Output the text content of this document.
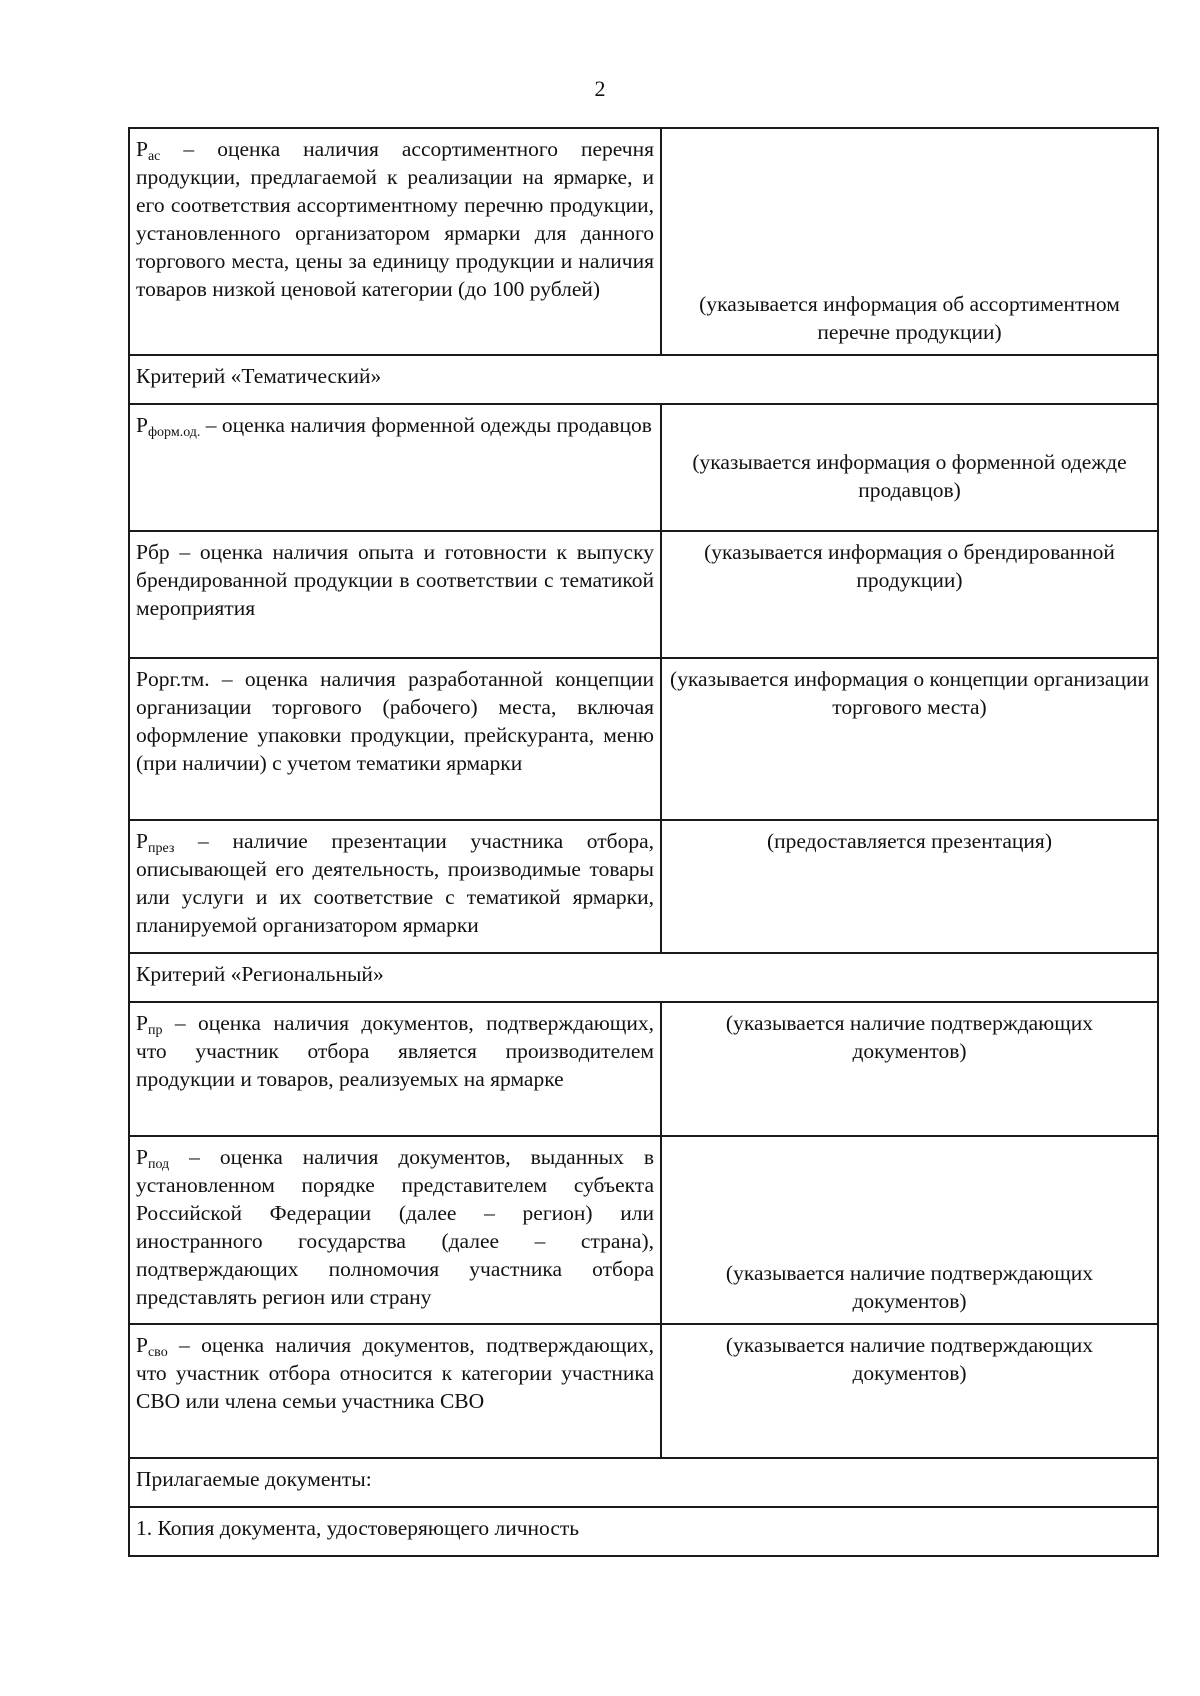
2
$P_{ас}$ – оценка наличия ассортиментного перечня продукции, предлагаемой к реализации на ярмарке, и его соответствия ассортиментному перечню продукции, установленного организатором ярмарки для данного торгового места, цены за единицу продукции и наличия товаров низкой ценовой категории (до 100 рублей)	(указывается информация об ассортиментном перечне продукции)
Критерий «Тематический»	
$P_{форм.од.}$ – оценка наличия форменной одежды продавцов	(указывается информация о форменной одежде продавцов)
Рбр – оценка наличия опыта и готовности к выпуску брендированной продукции в соответствии с тематикой мероприятия	(указывается информация о брендированной продукции)
Popг.тм. – оценка наличия разработанной концепции организации торгового (рабочего) места, включая оформление упаковки продукции, прейскуранта, меню (при наличии) с учетом тематики ярмарки	(указывается информация о концепции организации торгового места)
$P_{през}$ – наличие презентации участника отбора, описывающей его деятельность, производимые товары или услуги и их соответствие с тематикой ярмарки, планируемой организатором ярмарки	(предоставляется презентация)
Критерий «Региональный»	
$P_{пр}$ – оценка наличия документов, подтверждающих, что участник отбора является производителем продукции и товаров, реализуемых на ярмарке	(указывается наличие подтверждающих документов)
$P_{под}$ – оценка наличия документов, выданных в установленном порядке представителем субъекта Российской Федерации (далее – регион) или иностранного государства (далее – страна), подтверждающих полномочия участника отбора представлять регион или страну	(указывается наличие подтверждающих документов)
$P_{сво}$ – оценка наличия документов, подтверждающих, что участник отбора относится к категории участника СВО или члена семьи участника СВО	(указывается наличие подтверждающих документов)
Прилагаемые документы:	
1. Копия документа, удостоверяющего личность	
